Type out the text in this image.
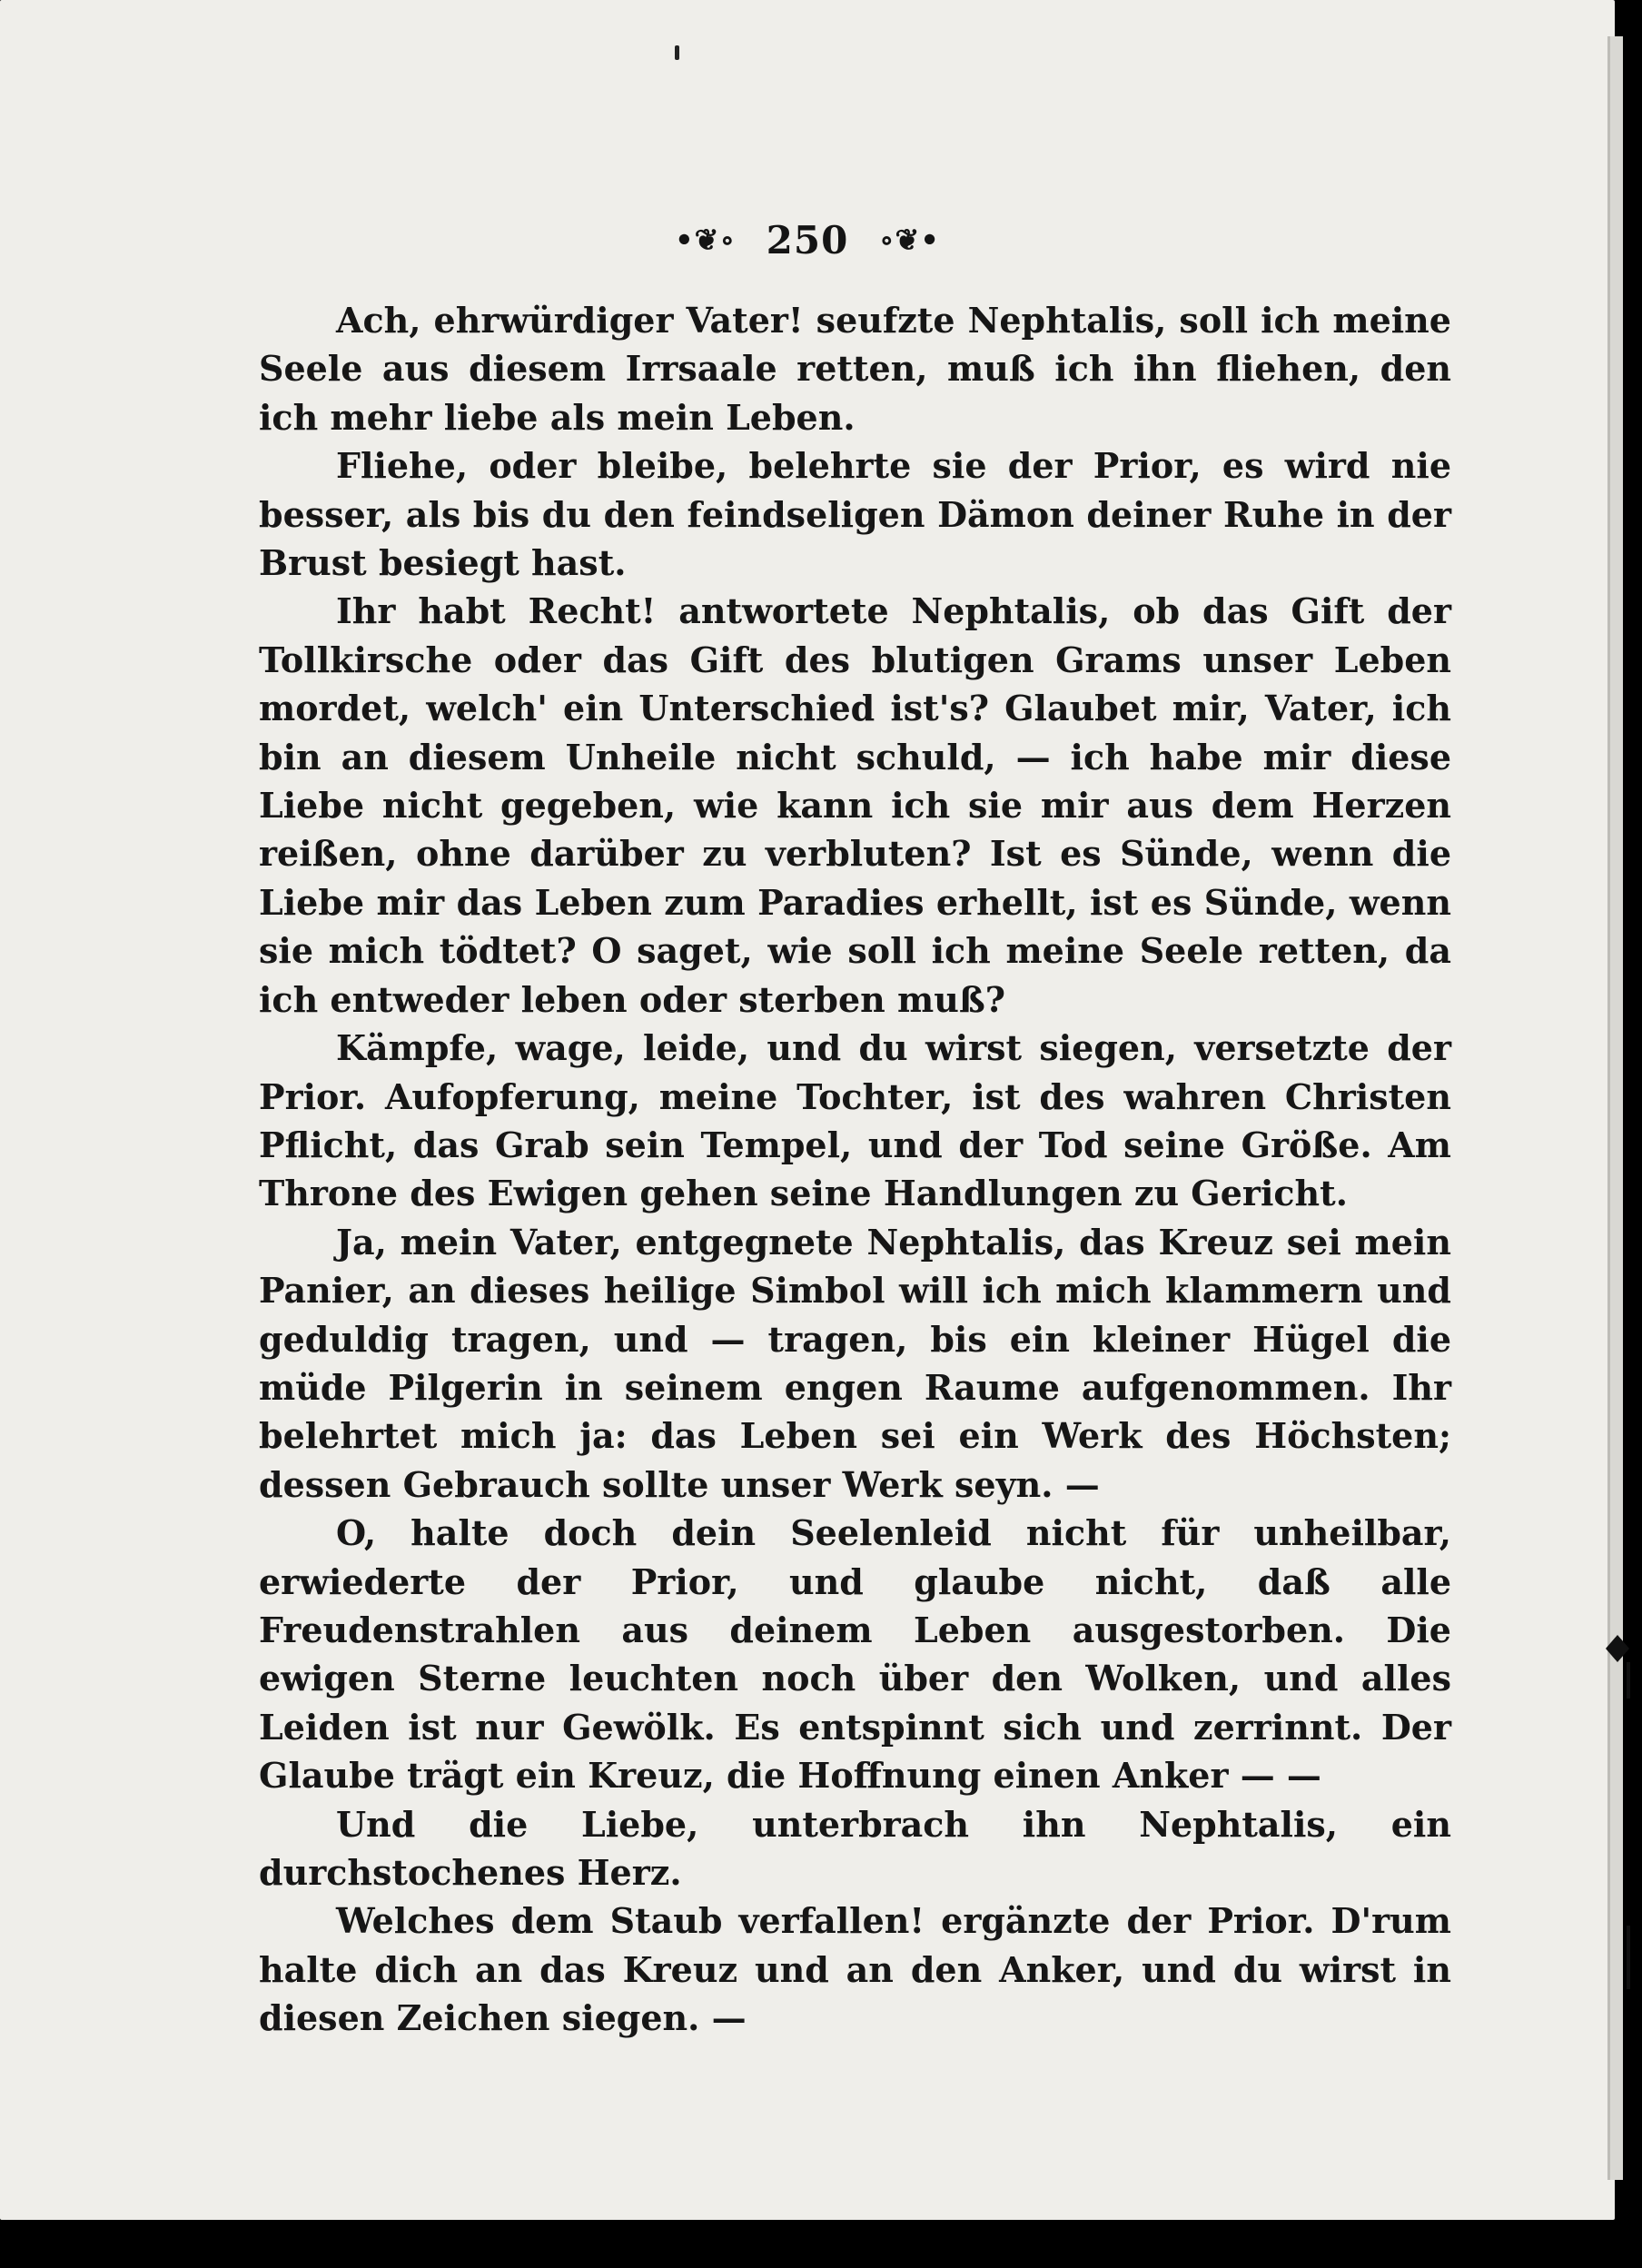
•❦∘ 250 ∘❦•

Ach, ehrwürdiger Vater! seufzte Nephtalis, soll ich meine Seele aus diesem Irrsaale retten, muß ich ihn fliehen, den ich mehr liebe als mein Leben.

Fliehe, oder bleibe, belehrte sie der Prior, es wird nie besser, als bis du den feindseligen Dämon deiner Ruhe in der Brust besiegt hast.

Ihr habt Recht! antwortete Nephtalis, ob das Gift der Tollkirsche oder das Gift des blutigen Grams unser Leben mordet, welch' ein Unterschied ist's? Glaubet mir, Vater, ich bin an diesem Unheile nicht schuld, — ich habe mir diese Liebe nicht gegeben, wie kann ich sie mir aus dem Herzen reißen, ohne darüber zu verbluten? Ist es Sünde, wenn die Liebe mir das Leben zum Paradies erhellt, ist es Sünde, wenn sie mich tödtet? O saget, wie soll ich meine Seele retten, da ich entweder leben oder sterben muß?

Kämpfe, wage, leide, und du wirst siegen, versetzte der Prior. Aufopferung, meine Tochter, ist des wahren Christen Pflicht, das Grab sein Tempel, und der Tod seine Größe. Am Throne des Ewigen gehen seine Handlungen zu Gericht.

Ja, mein Vater, entgegnete Nephtalis, das Kreuz sei mein Panier, an dieses heilige Simbol will ich mich klammern und geduldig tragen, und — tragen, bis ein kleiner Hügel die müde Pilgerin in seinem engen Raume aufgenommen. Ihr belehrtet mich ja: das Leben sei ein Werk des Höchsten; dessen Gebrauch sollte unser Werk seyn. —

O, halte doch dein Seelenleid nicht für unheilbar, erwiederte der Prior, und glaube nicht, daß alle Freudenstrahlen aus deinem Leben ausgestorben. Die ewigen Sterne leuchten noch über den Wolken, und alles Leiden ist nur Gewölk. Es entspinnt sich und zerrinnt. Der Glaube trägt ein Kreuz, die Hoffnung einen Anker — —

Und die Liebe, unterbrach ihn Nephtalis, ein durchstochenes Herz.

Welches dem Staub verfallen! ergänzte der Prior. D'rum halte dich an das Kreuz und an den Anker, und du wirst in diesen Zeichen siegen. —
